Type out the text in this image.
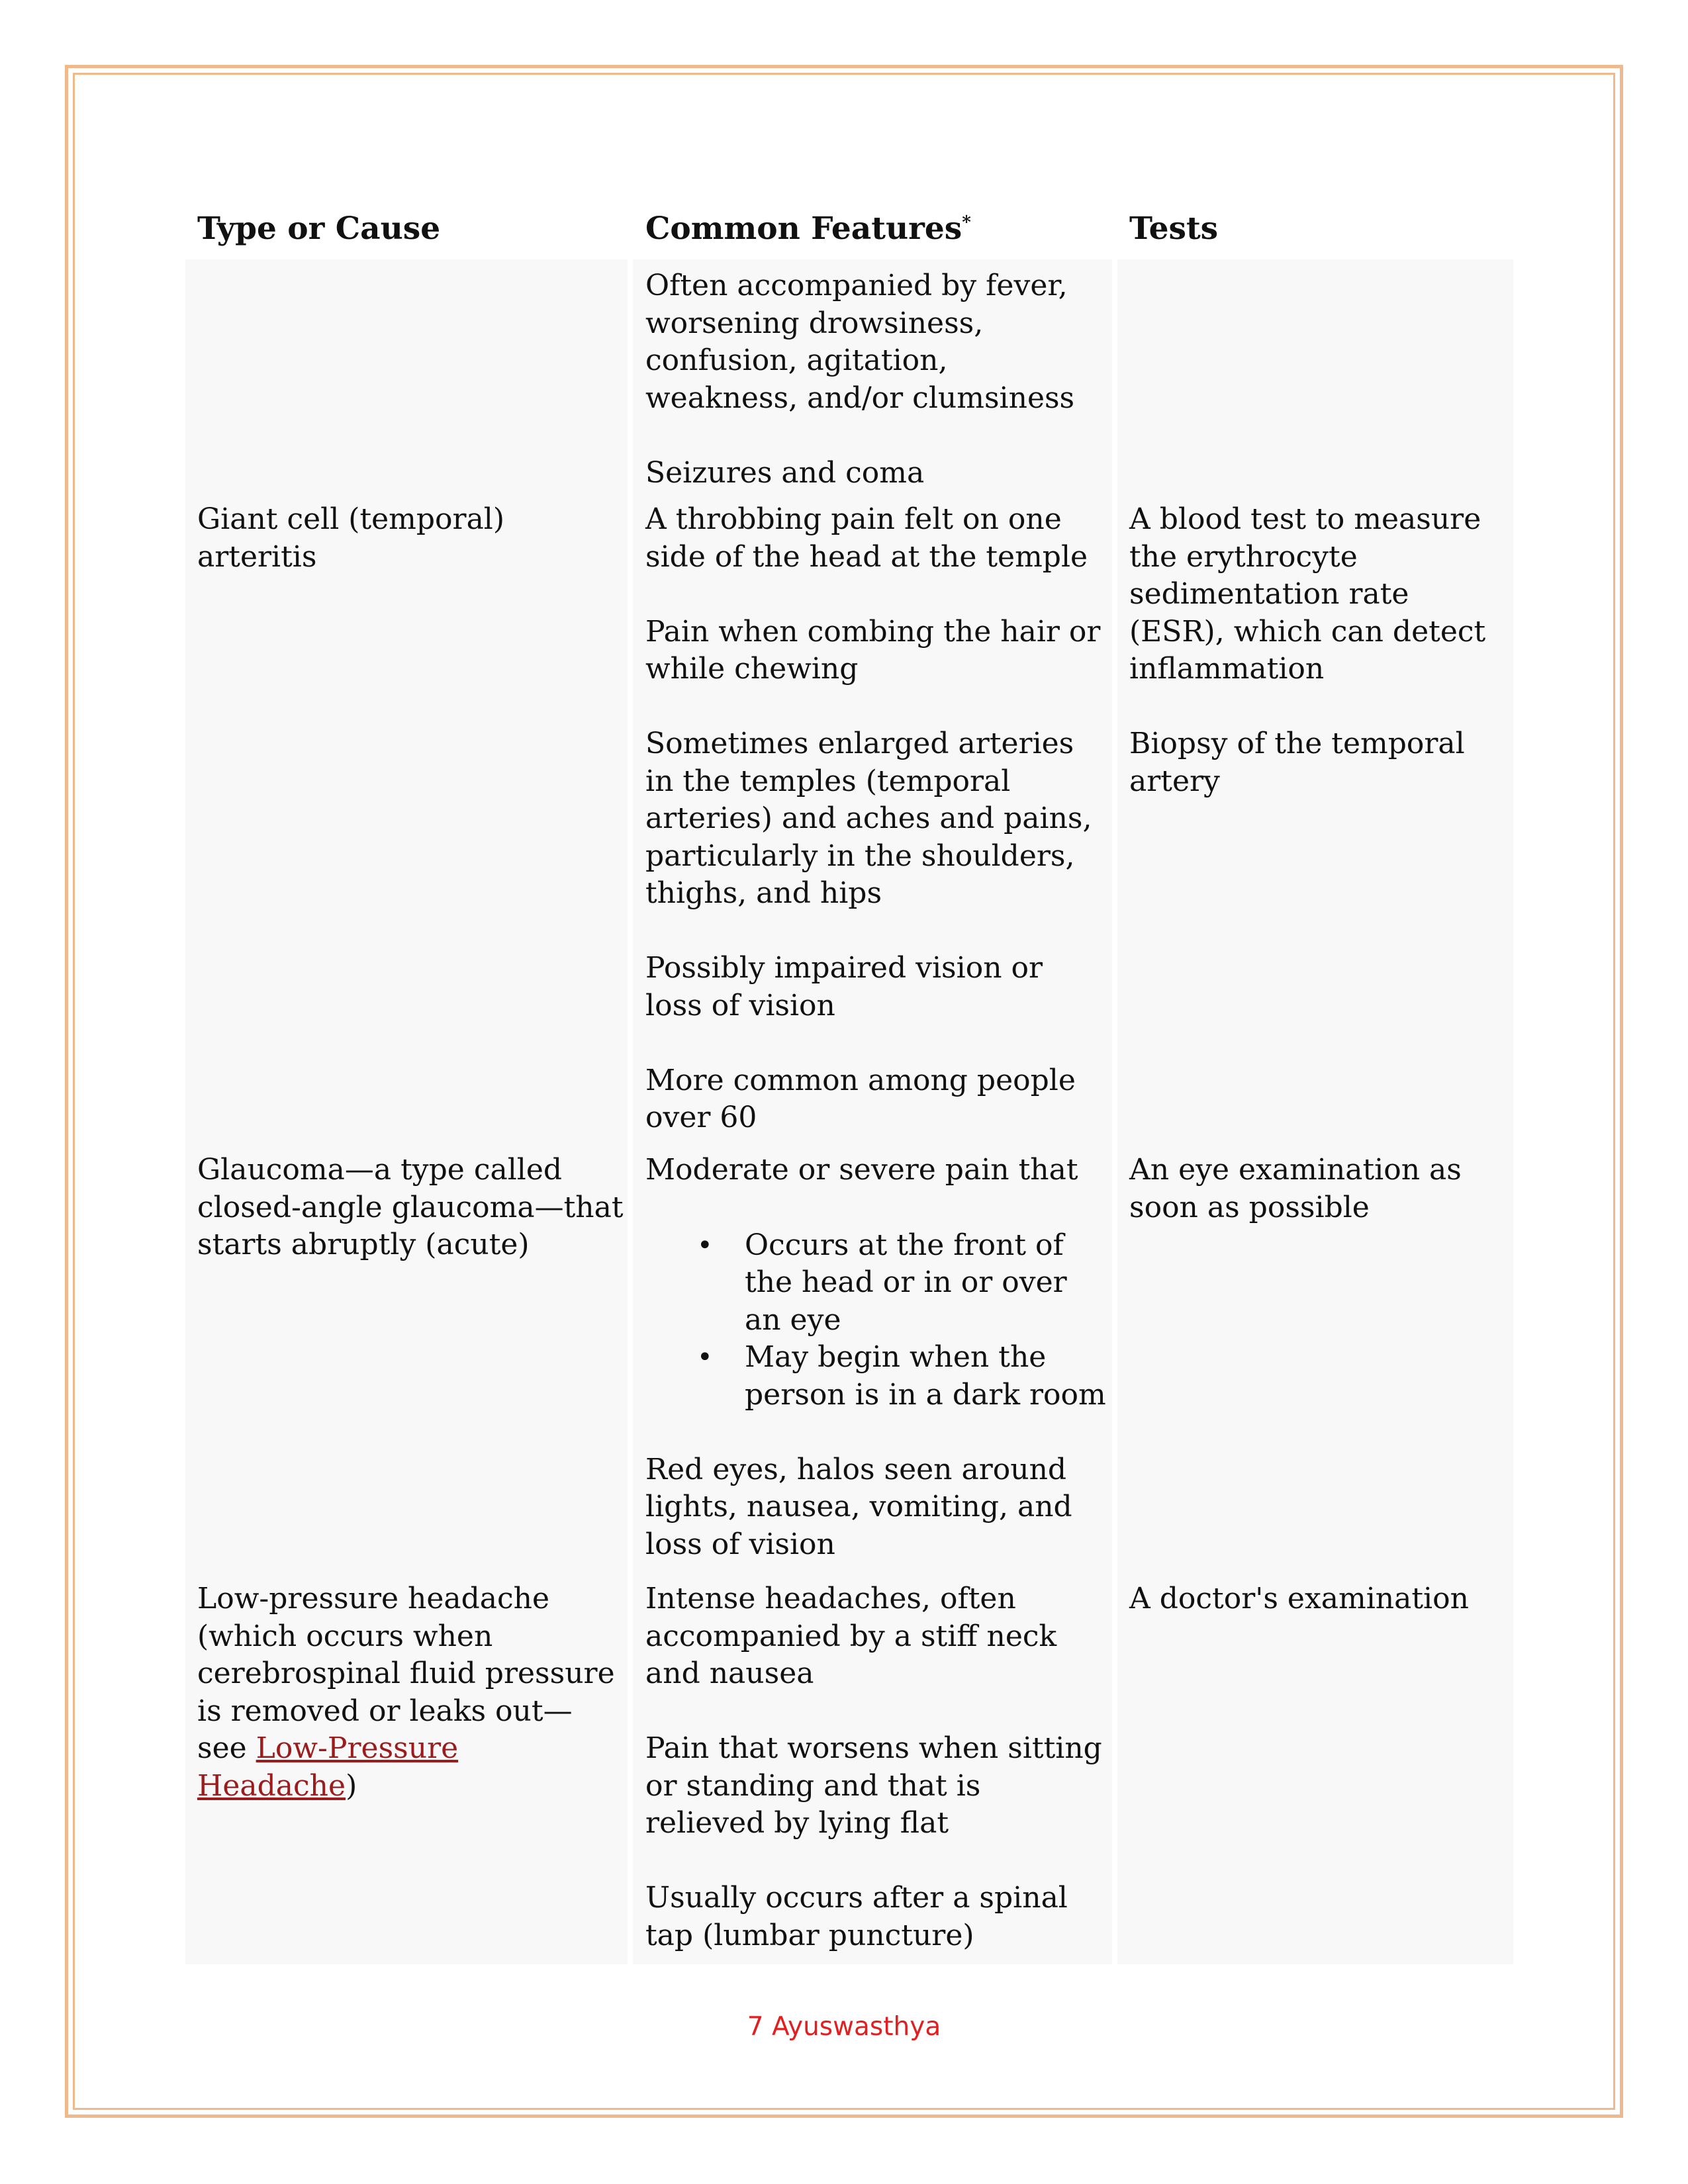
Type or Cause	Common Features*	Tests

Often accompanied by fever, worsening drowsiness, confusion, agitation, weakness, and/or clumsiness

Seizures and coma

Giant cell (temporal) arteritis

A throbbing pain felt on one side of the head at the temple

Pain when combing the hair or while chewing

Sometimes enlarged arteries in the temples (temporal arteries) and aches and pains, particularly in the shoulders, thighs, and hips

Possibly impaired vision or loss of vision

More common among people over 60

A blood test to measure the erythrocyte sedimentation rate (ESR), which can detect inflammation

Biopsy of the temporal artery

Glaucoma—a type called closed-angle glaucoma—that starts abruptly (acute)

Moderate or severe pain that

• Occurs at the front of the head or in or over an eye
• May begin when the person is in a dark room

Red eyes, halos seen around lights, nausea, vomiting, and loss of vision

An eye examination as soon as possible

Low-pressure headache (which occurs when cerebrospinal fluid pressure is removed or leaks out—see Low-Pressure Headache)

Intense headaches, often accompanied by a stiff neck and nausea

Pain that worsens when sitting or standing and that is relieved by lying flat

Usually occurs after a spinal tap (lumbar puncture)

A doctor's examination

7 Ayuswasthya
